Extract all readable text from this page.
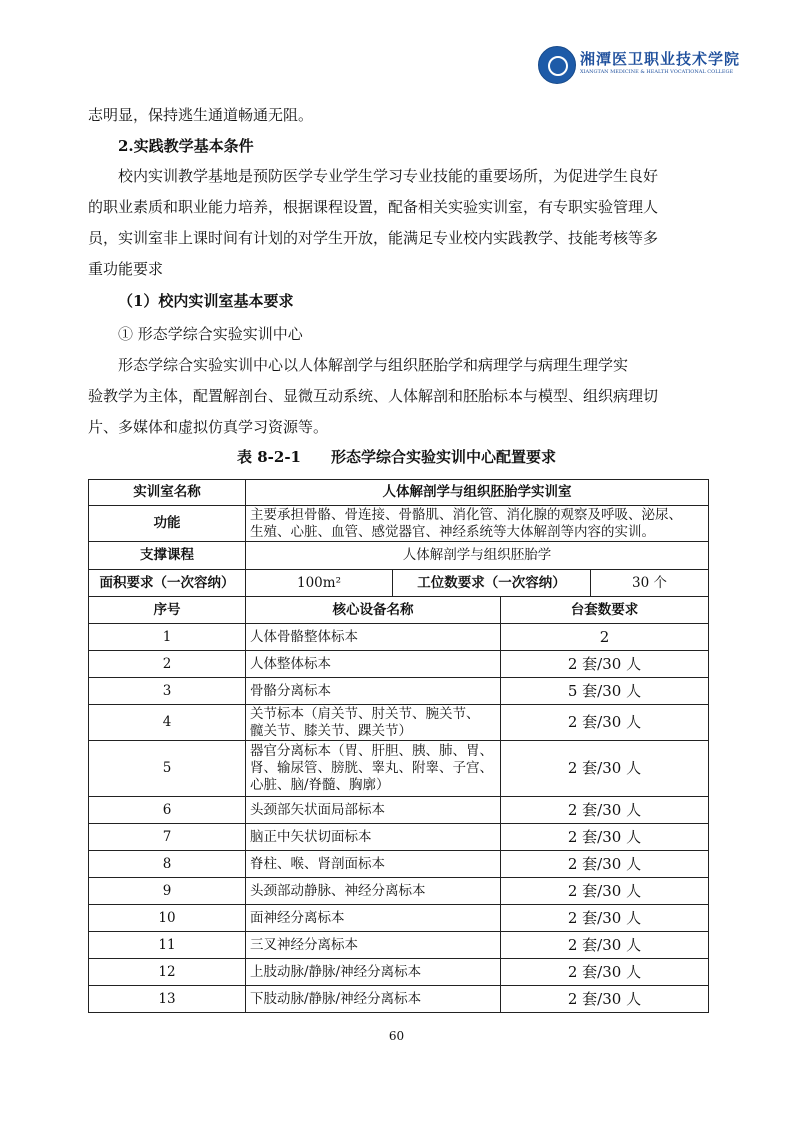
湘潭医卫职业技术学院
XIANGTAN MEDICINE & HEALTH VOCATIONAL COLLEGE
志明显，保持逃生通道畅通无阻。
2.实践教学基本条件
校内实训教学基地是预防医学专业学生学习专业技能的重要场所，为促进学生良好
的职业素质和职业能力培养，根据课程设置，配备相关实验实训室，有专职实验管理人
员，实训室非上课时间有计划的对学生开放，能满足专业校内实践教学、技能考核等多
重功能要求
（1）校内实训室基本要求
① 形态学综合实验实训中心
形态学综合实验实训中心以人体解剖学与组织胚胎学和病理学与病理生理学实
验教学为主体，配置解剖台、显微互动系统、人体解剖和胚胎标本与模型、组织病理切
片、多媒体和虚拟仿真学习资源等。
表 8-2-1　　形态学综合实验实训中心配置要求
实训室名称	人体解剖学与组织胚胎学实训室			
功能	主要承担骨骼、骨连接、骨骼肌、消化管、消化腺的观察及呼吸、泌尿、
生殖、心脏、血管、感觉器官、神经系统等大体解剖等内容的实训。			

支撑课程	人体解剖学与组织胚胎学			
面积要求（一次容纳）	100m²	工位数要求（一次容纳）		30 个
序号	核心设备名称		台套数要求	
1	人体骨骼整体标本		2	
2	人体整体标本		2 套/30 人	
3	骨骼分离标本		5 套/30 人	
4	关节标本（肩关节、肘关节、腕关节、
髋关节、膝关节、踝关节）		2 套/30 人	
5	器官分离标本（胃、肝胆、胰、肺、胃、
肾、输尿管、膀胱、睾丸、附睾、子宫、
心脏、脑/脊髓、胸廓）		2 套/30 人	
6	头颈部矢状面局部标本		2 套/30 人	
7	脑正中矢状切面标本		2 套/30 人	
8	脊柱、喉、肾剖面标本		2 套/30 人	
9	头颈部动静脉、神经分离标本		2 套/30 人	
10	面神经分离标本		2 套/30 人	
11	三叉神经分离标本		2 套/30 人	
12	上肢动脉/静脉/神经分离标本		2 套/30 人	
13	下肢动脉/静脉/神经分离标本		2 套/30 人	
60
